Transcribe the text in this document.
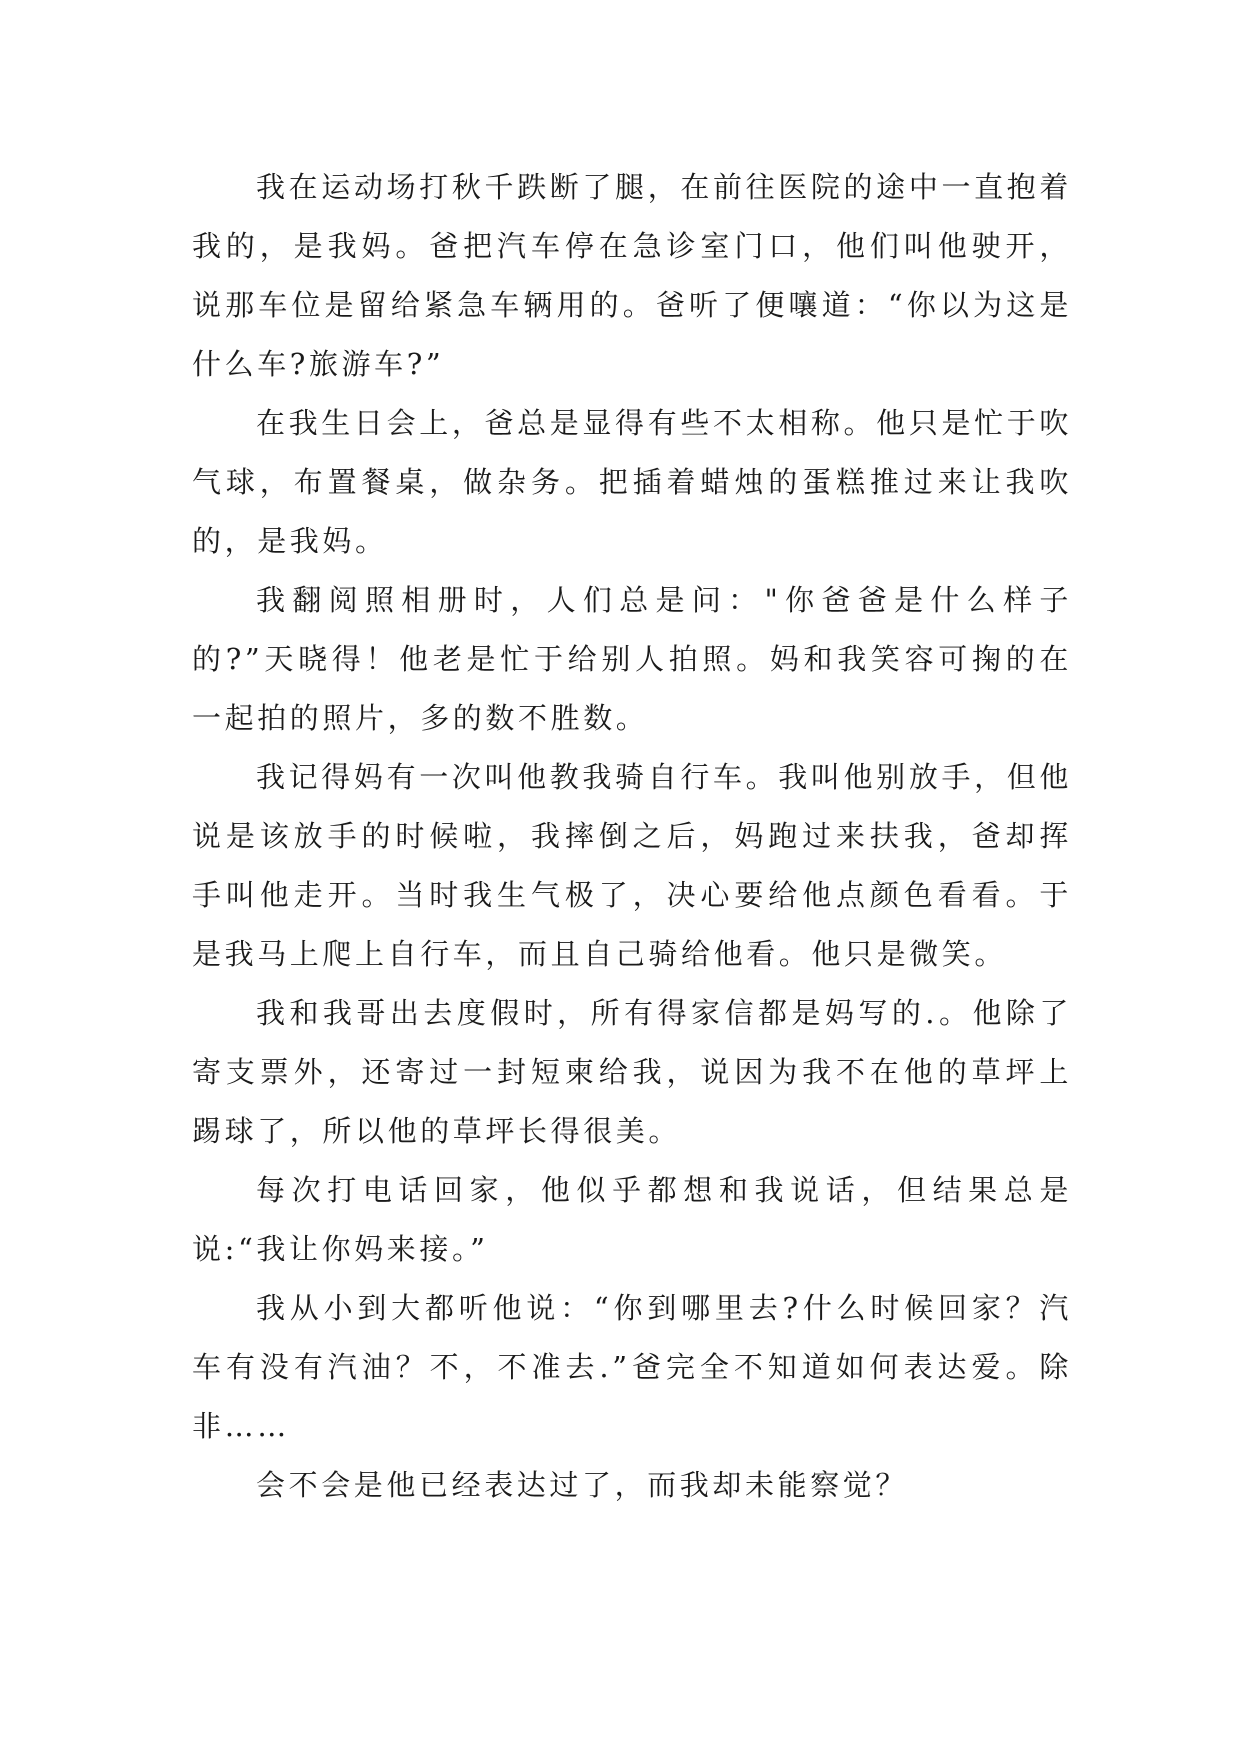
我在运动场打秋千跌断了腿，在前往医院的途中一直抱着我的，是我妈。爸把汽车停在急诊室门口，他们叫他驶开，说那车位是留给紧急车辆用的。爸听了便嚷道：“你以为这是什么车?旅游车?”

在我生日会上，爸总是显得有些不太相称。他只是忙于吹气球，布置餐桌，做杂务。把插着蜡烛的蛋糕推过来让我吹的，是我妈。

我翻阅照相册时，人们总是问："你爸爸是什么样子的?”天晓得！他老是忙于给别人拍照。妈和我笑容可掬的在一起拍的照片，多的数不胜数。

我记得妈有一次叫他教我骑自行车。我叫他别放手，但他说是该放手的时候啦，我摔倒之后，妈跑过来扶我，爸却挥手叫他走开。当时我生气极了，决心要给他点颜色看看。于是我马上爬上自行车，而且自己骑给他看。他只是微笑。

我和我哥出去度假时，所有得家信都是妈写的.。他除了寄支票外，还寄过一封短柬给我，说因为我不在他的草坪上踢球了，所以他的草坪长得很美。

每次打电话回家，他似乎都想和我说话，但结果总是说:“我让你妈来接。”

我从小到大都听他说：“你到哪里去?什么时候回家？汽车有没有汽油？不，不准去.”爸完全不知道如何表达爱。除非……

会不会是他已经表达过了，而我却未能察觉？
